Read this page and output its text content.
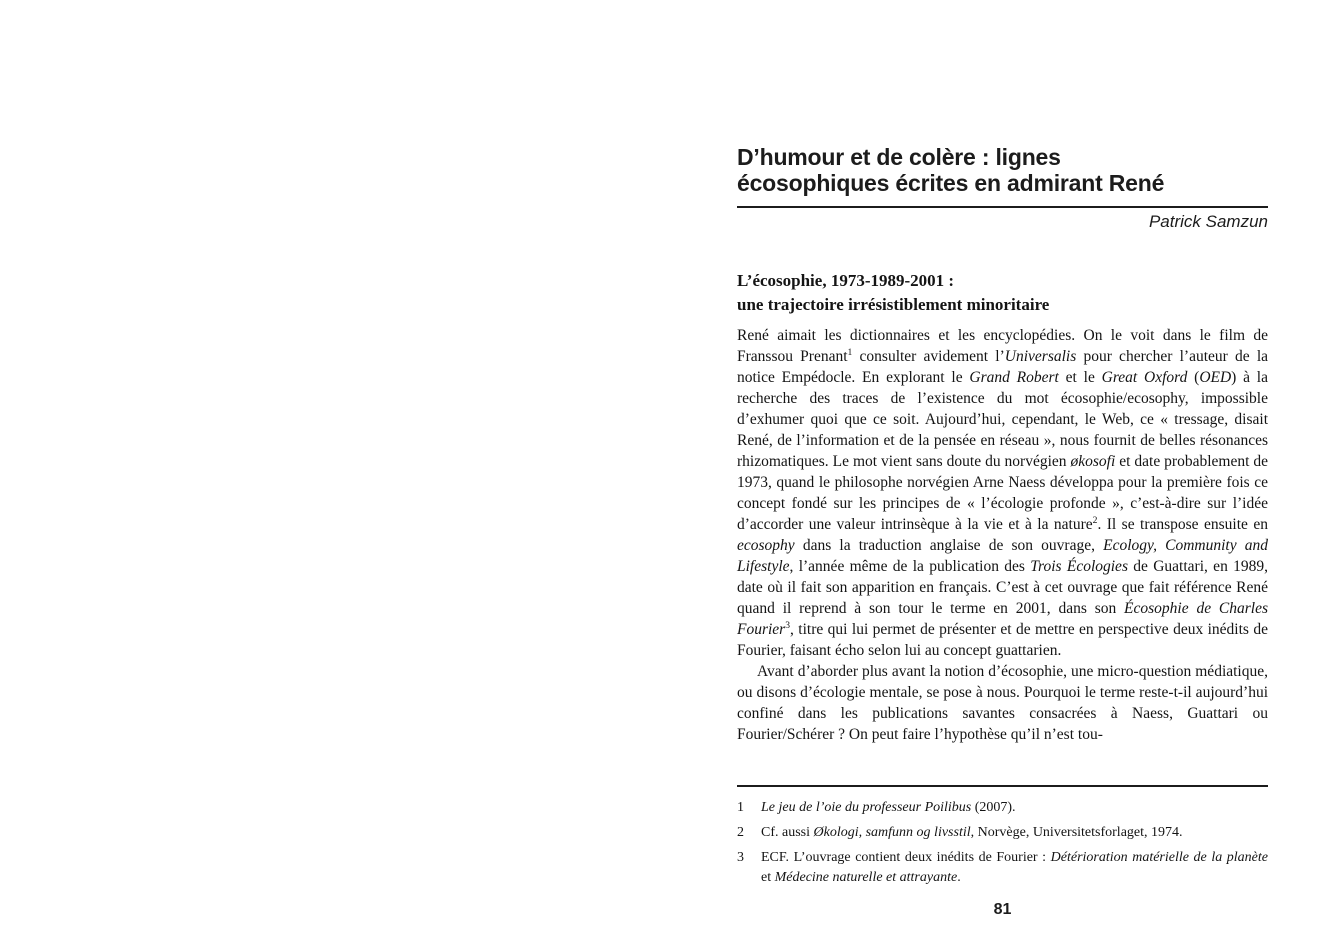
D’humour et de colère : lignes
écosophiques écrites en admirant René
Patrick Samzun
L’écosophie, 1973-1989-2001 :
une trajectoire irrésistiblement minoritaire

René aimait les dictionnaires et les encyclopédies. On le voit dans le film de Franssou Prenant$^1$ consulter avidement l’Universalis pour chercher l’auteur de la notice Empédocle. En explorant le Grand Robert et le Great Oxford (OED) à la recherche des traces de l’existence du mot écosophie/ecosophy, impossible d’exhumer quoi que ce soit. Aujourd’hui, cependant, le Web, ce « tressage, disait René, de l’information et de la pensée en réseau », nous fournit de belles résonances rhizomatiques. Le mot vient sans doute du norvégien økosofi et date probablement de 1973, quand le philosophe norvégien Arne Naess développa pour la première fois ce concept fondé sur les principes de « l’écologie profonde », c’est-à-dire sur l’idée d’accorder une valeur intrinsèque à la vie et à la nature$^2$. Il se transpose ensuite en ecosophy dans la traduction anglaise de son ouvrage, Ecology, Community and Lifestyle, l’année même de la publication des Trois Écologies de Guattari, en 1989, date où il fait son apparition en français. C’est à cet ouvrage que fait référence René quand il reprend à son tour le terme en 2001, dans son Écosophie de Charles Fourier$^3$, titre qui lui permet de présenter et de mettre en perspective deux inédits de Fourier, faisant écho selon lui au concept guattarien.

Avant d’aborder plus avant la notion d’écosophie, une micro-question médiatique, ou disons d’écologie mentale, se pose à nous. Pourquoi le terme reste-t-il aujourd’hui confiné dans les publications savantes consacrées à Naess, Guattari ou Fourier/Schérer ? On peut faire l’hypothèse qu’il n’est tou-

1	Le jeu de l’oie du professeur Poilibus (2007).
2	Cf. aussi Økologi, samfunn og livsstil, Norvège, Universitetsforlaget, 1974.
3	ECF. L’ouvrage contient deux inédits de Fourier : Détérioration matérielle de la planète et Médecine naturelle et attrayante.
81
